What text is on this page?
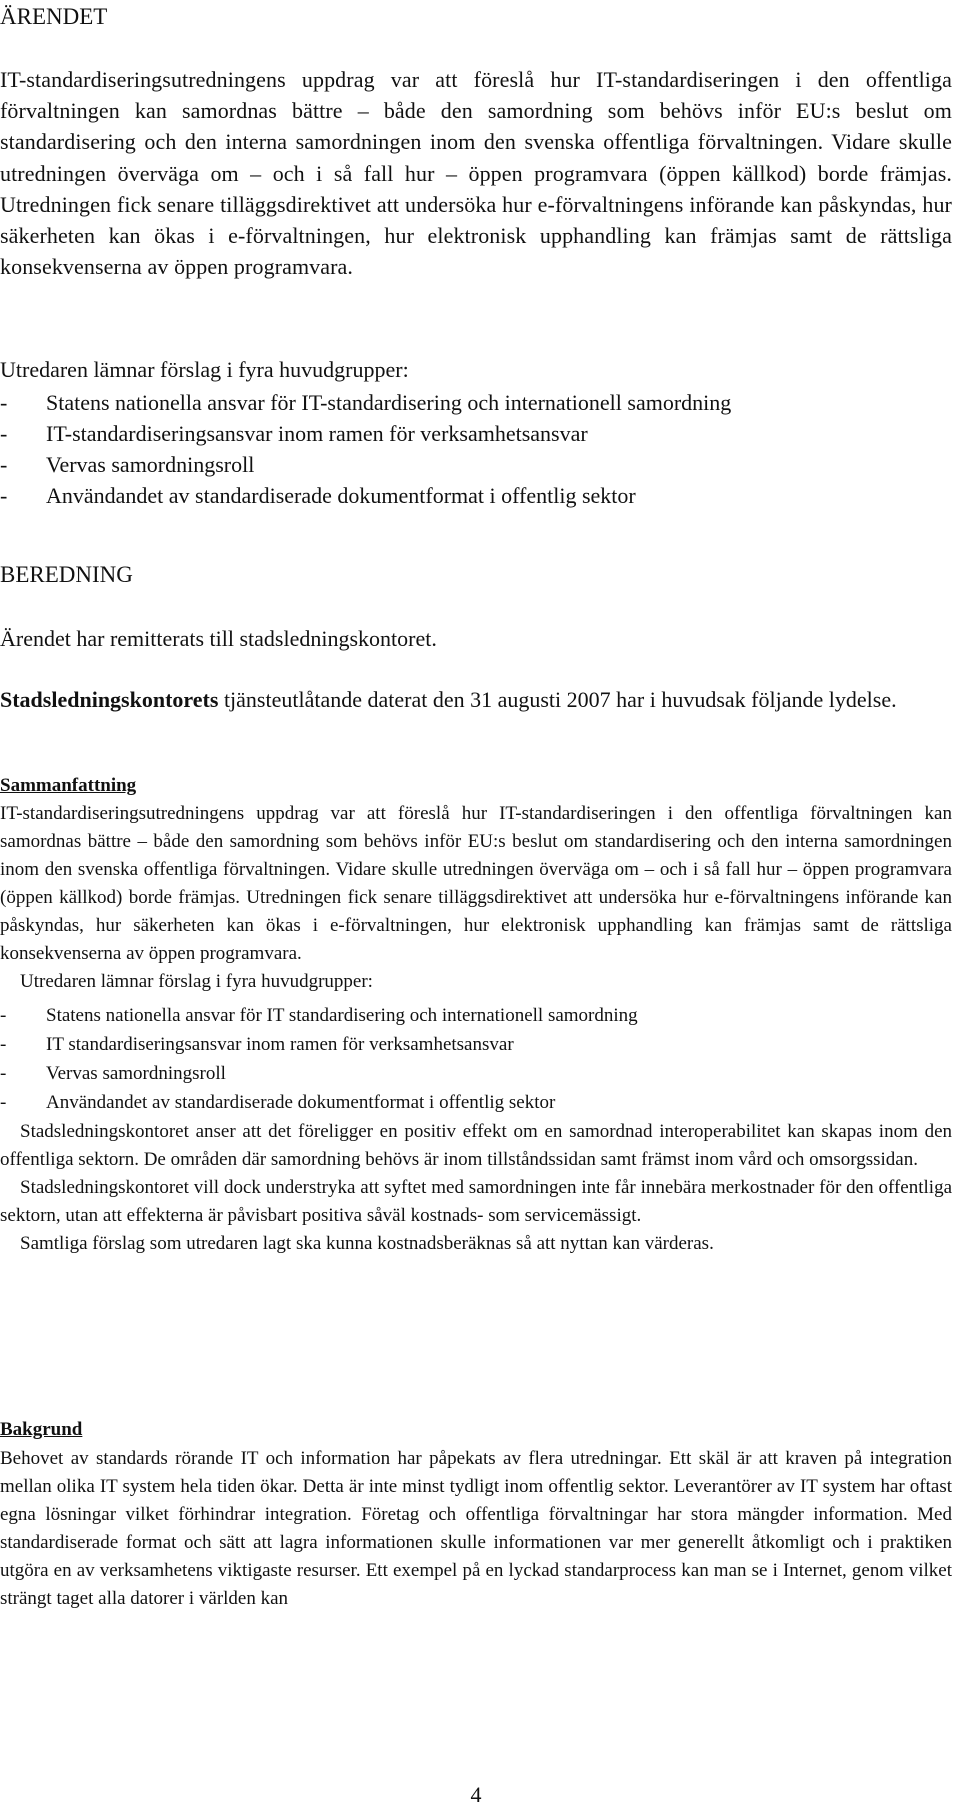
ÄRENDET

IT-standardiseringsutredningens uppdrag var att föreslå hur IT-standardiseringen i den offentliga förvaltningen kan samordnas bättre – både den samordning som behövs inför EU:s beslut om standardisering och den interna samordningen inom den svenska offentliga förvaltningen. Vidare skulle utredningen överväga om – och i så fall hur – öppen programvara (öppen källkod) borde främjas. Utredningen fick senare tilläggsdirektivet att undersöka hur e-förvaltningens införande kan påskyndas, hur säkerheten kan ökas i e-förvaltningen, hur elektronisk upphandling kan främjas samt de rättsliga konsekvenserna av öppen programvara.

Utredaren lämnar förslag i fyra huvudgrupper:

-	Statens nationella ansvar för IT-standardisering och internationell samordning
-	IT-standardiseringsansvar inom ramen för verksamhetsansvar
-	Vervas samordningsroll
-	Användandet av standardiserade dokumentformat i offentlig sektor
BEREDNING

Ärendet har remitterats till stadsledningskontoret.

Stadsledningskontorets tjänsteutlåtande daterat den 31 augusti 2007 har i huvudsak följande lydelse.

Sammanfattning

IT-standardiseringsutredningens uppdrag var att föreslå hur IT-standardiseringen i den offentliga förvaltningen kan samordnas bättre – både den samordning som behövs inför EU:s beslut om standardisering och den interna samordningen inom den svenska offentliga förvaltningen. Vidare skulle utredningen överväga om – och i så fall hur – öppen programvara (öppen källkod) borde främjas. Utredningen fick senare tilläggsdirektivet att undersöka hur e-förvaltningens införande kan påskyndas, hur säkerheten kan ökas i e-förvaltningen, hur elektronisk upphandling kan främjas samt de rättsliga konsekvenserna av öppen programvara.

Utredaren lämnar förslag i fyra huvudgrupper:

-	Statens nationella ansvar för IT standardisering och internationell samordning
-	IT standardiseringsansvar inom ramen för verksamhetsansvar
-	Vervas samordningsroll
-	Användandet av standardiserade dokumentformat i offentlig sektor

Stadsledningskontoret anser att det föreligger en positiv effekt om en samordnad interoperabilitet kan skapas inom den offentliga sektorn. De områden där samordning behövs är inom tillståndssidan samt främst inom vård och omsorgssidan.

Stadsledningskontoret vill dock understryka att syftet med samordningen inte får innebära merkostnader för den offentliga sektorn, utan att effekterna är påvisbart positiva såväl kostnads- som servicemässigt.

Samtliga förslag som utredaren lagt ska kunna kostnadsberäknas så att nyttan kan värderas.

Bakgrund

Behovet av standards rörande IT och information har påpekats av flera utredningar. Ett skäl är att kraven på integration mellan olika IT system hela tiden ökar. Detta är inte minst tydligt inom offentlig sektor. Leverantörer av IT system har oftast egna lösningar vilket förhindrar integration. Företag och offentliga förvaltningar har stora mängder information. Med standardiserade format och sätt att lagra informationen skulle informationen var mer generellt åtkomligt och i praktiken utgöra en av verksamhetens viktigaste resurser. Ett exempel på en lyckad standarprocess kan man se i Internet, genom vilket strängt taget alla datorer i världen kan

4
